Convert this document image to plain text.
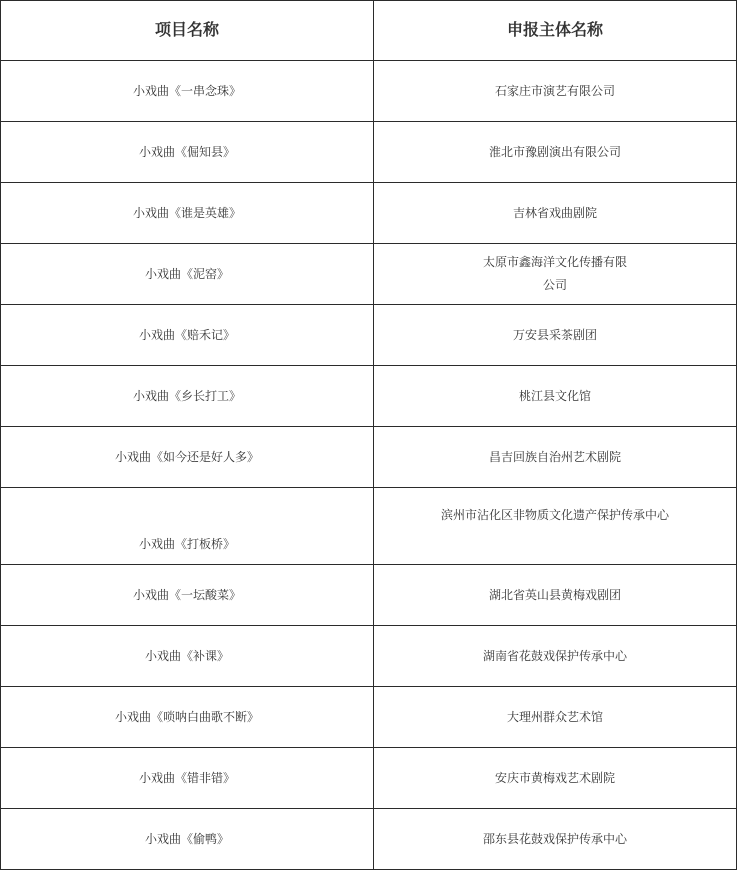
项目名称	申报主体名称
小戏曲《一串念珠》	石家庄市演艺有限公司
小戏曲《倔知县》	淮北市豫剧演出有限公司
小戏曲《谁是英雄》	吉林省戏曲剧院
小戏曲《泥窑》	太原市鑫海洋文化传播有限公司
小戏曲《赔禾记》	万安县采茶剧团
小戏曲《乡长打工》	桃江县文化馆
小戏曲《如今还是好人多》	昌吉回族自治州艺术剧院
小戏曲《打板桥》	滨州市沾化区非物质文化遗产保护传承中心
小戏曲《一坛酸菜》	湖北省英山县黄梅戏剧团
小戏曲《补课》	湖南省花鼓戏保护传承中心
小戏曲《唢呐白曲歌不断》	大理州群众艺术馆
小戏曲《错非错》	安庆市黄梅戏艺术剧院
小戏曲《偷鸭》	邵东县花鼓戏保护传承中心
